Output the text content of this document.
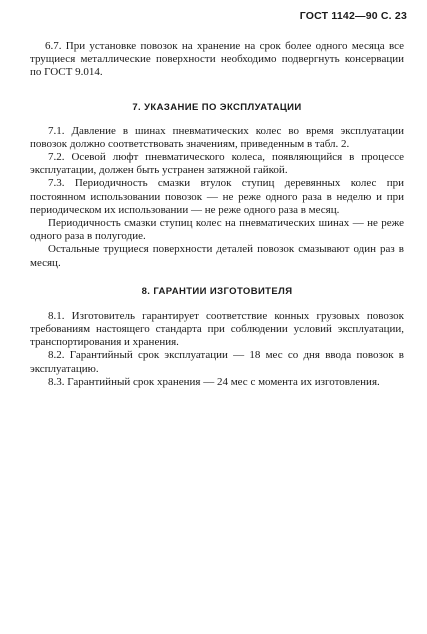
ГОСТ 1142—90 С. 23

6.7. При установке повозок на хранение на срок более одного месяца все трущиеся металлические поверхности необходимо подвергнуть консервации по ГОСТ 9.014.

7. УКАЗАНИЕ ПО ЭКСПЛУАТАЦИИ

7.1. Давление в шинах пневматических колес во время эксплуатации повозок должно соответствовать значениям, приведенным в табл. 2.

7.2. Осевой люфт пневматического колеса, появляющийся в процессе эксплуатации, должен быть устранен затяжной гайкой.

7.3. Периодичность смазки втулок ступиц деревянных колес при постоянном использовании повозок — не реже одного раза в неделю и при периодическом их использовании — не реже одного раза в месяц.

Периодичность смазки ступиц колес на пневматических шинах — не реже одного раза в полугодие.

Остальные трущиеся поверхности деталей повозок смазывают один раз в месяц.

8. ГАРАНТИИ ИЗГОТОВИТЕЛЯ

8.1. Изготовитель гарантирует соответствие конных грузовых повозок требованиям настоящего стандарта при соблюдении условий эксплуатации, транспортирования и хранения.

8.2. Гарантийный срок эксплуатации — 18 мес со дня ввода повозок в эксплуатацию.

8.3. Гарантийный срок хранения — 24 мес с момента их изготовления.
